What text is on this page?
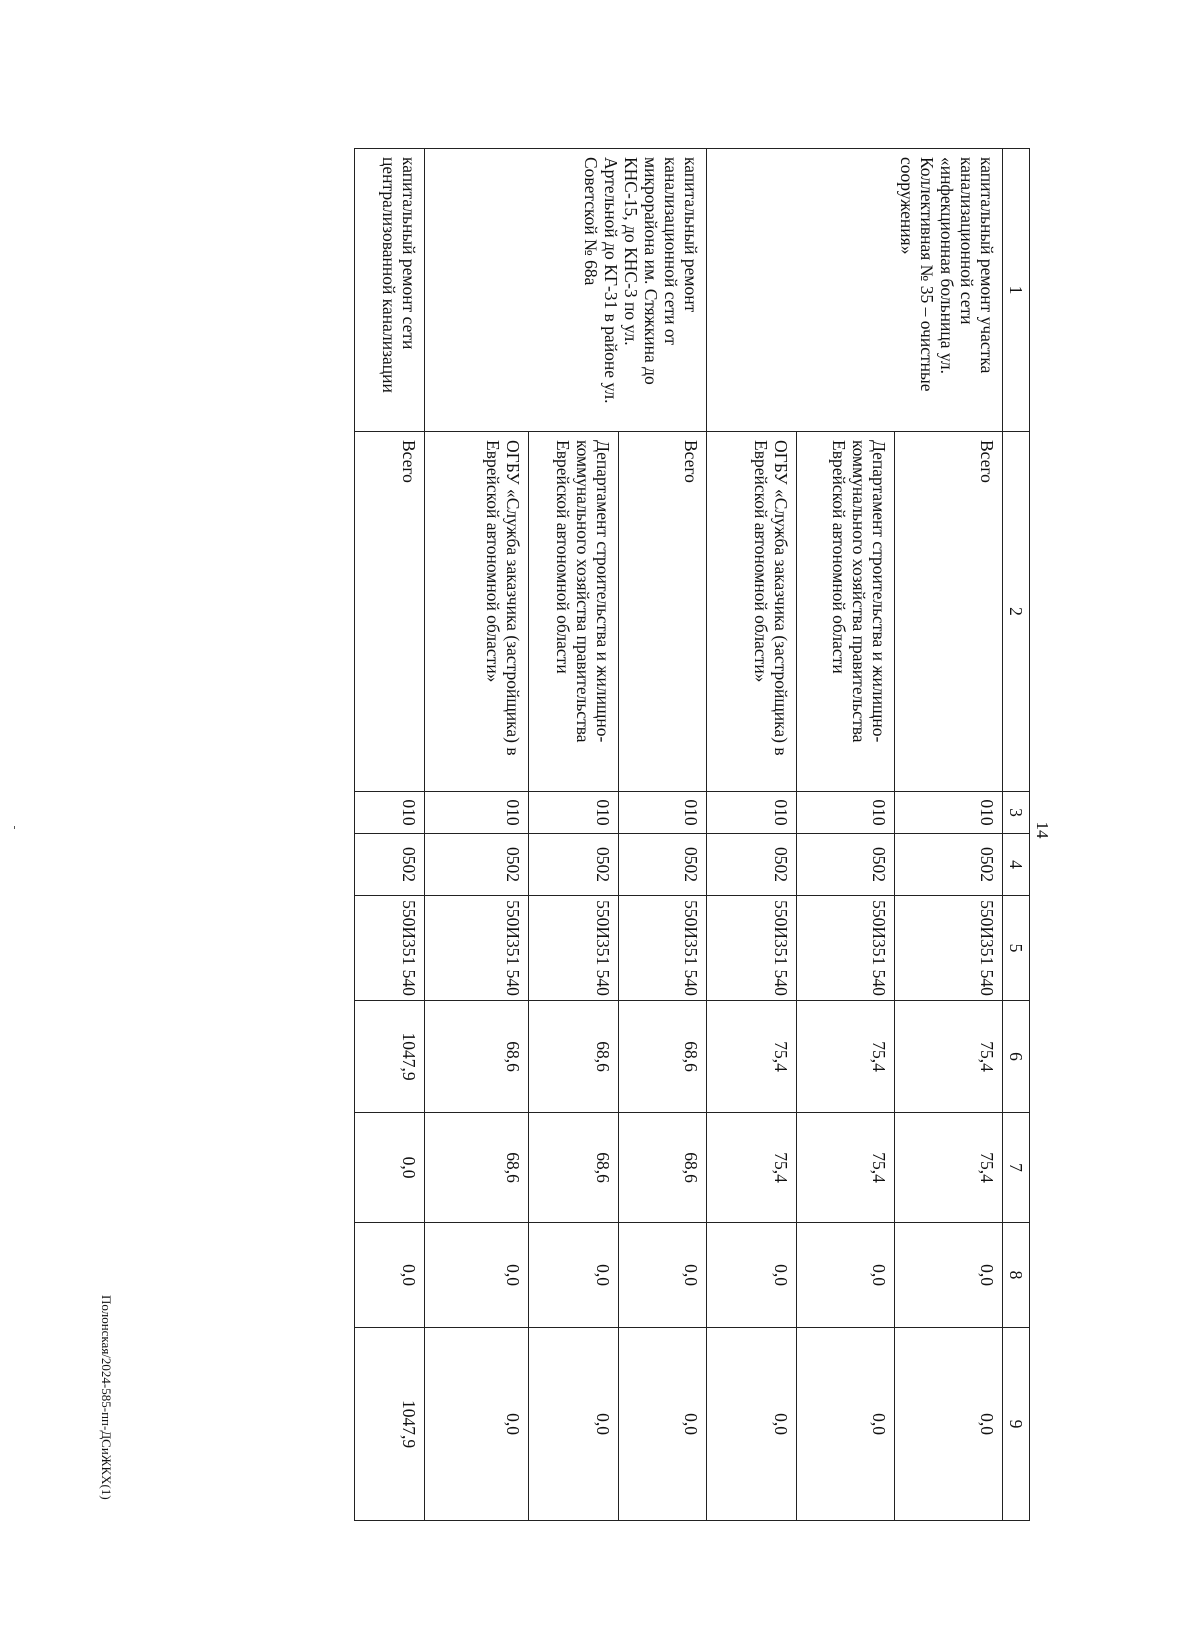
14
1	2	3	4	5	6	7	8	9
капитальный ремонт участка канализационной сети «инфекционная больница ул. Коллективная № 35 – очистные сооружения»	Всего	010	0502	550И351 540	75,4	75,4	0,0	0,0
	Департамент строительства и жилищно-коммунального хозяйства правительства Еврейской автономной области	010	0502	550И351 540	75,4	75,4	0,0	0,0
	ОГБУ «Служба заказчика (застройщика) в Еврейской автономной области»	010	0502	550И351 540	75,4	75,4	0,0	0,0
капитальный ремонт канализационной сети от микрорайона им. Стяжкина до КНС-15, до КНС-3 по ул. Артельной до КГ-31 в районе ул. Советской № 68а	Всего	010	0502	550И351 540	68,6	68,6	0,0	0,0
	Департамент строительства и жилищно-коммунального хозяйства правительства Еврейской автономной области	010	0502	550И351 540	68,6	68,6	0,0	0,0
	ОГБУ «Служба заказчика (застройщика) в Еврейской автономной области»	010	0502	550И351 540	68,6	68,6	0,0	0,0
капитальный ремонт сети централизованной канализации	Всего	010	0502	550И351 540	1047,9	0,0	0,0	1047,9
Полонская/2024-585-пп-ДСиЖКХ(1)
